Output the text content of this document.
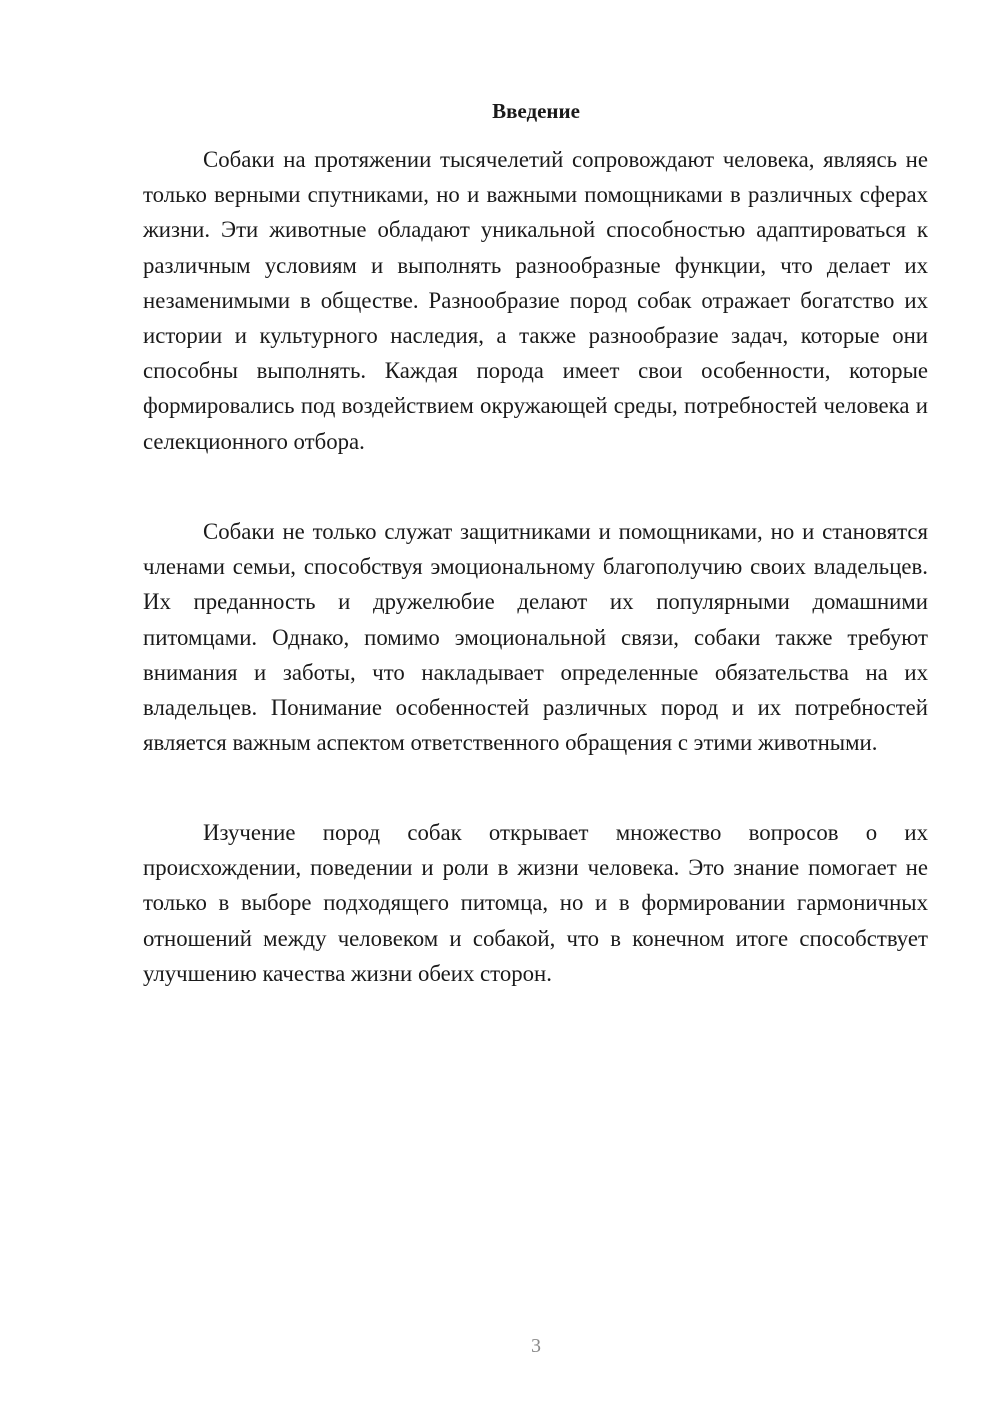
Введение

Собаки на протяжении тысячелетий сопровождают человека, являясь не только верными спутниками, но и важными помощниками в различных сферах жизни. Эти животные обладают уникальной способностью адаптироваться к различным условиям и выполнять разнообразные функции, что делает их незаменимыми в обществе. Разнообразие пород собак отражает богатство их истории и культурного наследия, а также разнообразие задач, которые они способны выполнять. Каждая порода имеет свои особенности, которые формировались под воздействием окружающей среды, потребностей человека и селекционного отбора.

Собаки не только служат защитниками и помощниками, но и становятся членами семьи, способствуя эмоциональному благополучию своих владельцев. Их преданность и дружелюбие делают их популярными домашними питомцами. Однако, помимо эмоциональной связи, собаки также требуют внимания и заботы, что накладывает определенные обязательства на их владельцев. Понимание особенностей различных пород и их потребностей является важным аспектом ответственного обращения с этими животными.

Изучение пород собак открывает множество вопросов о их происхождении, поведении и роли в жизни человека. Это знание помогает не только в выборе подходящего питомца, но и в формировании гармоничных отношений между человеком и собакой, что в конечном итоге способствует улучшению качества жизни обеих сторон.

3
